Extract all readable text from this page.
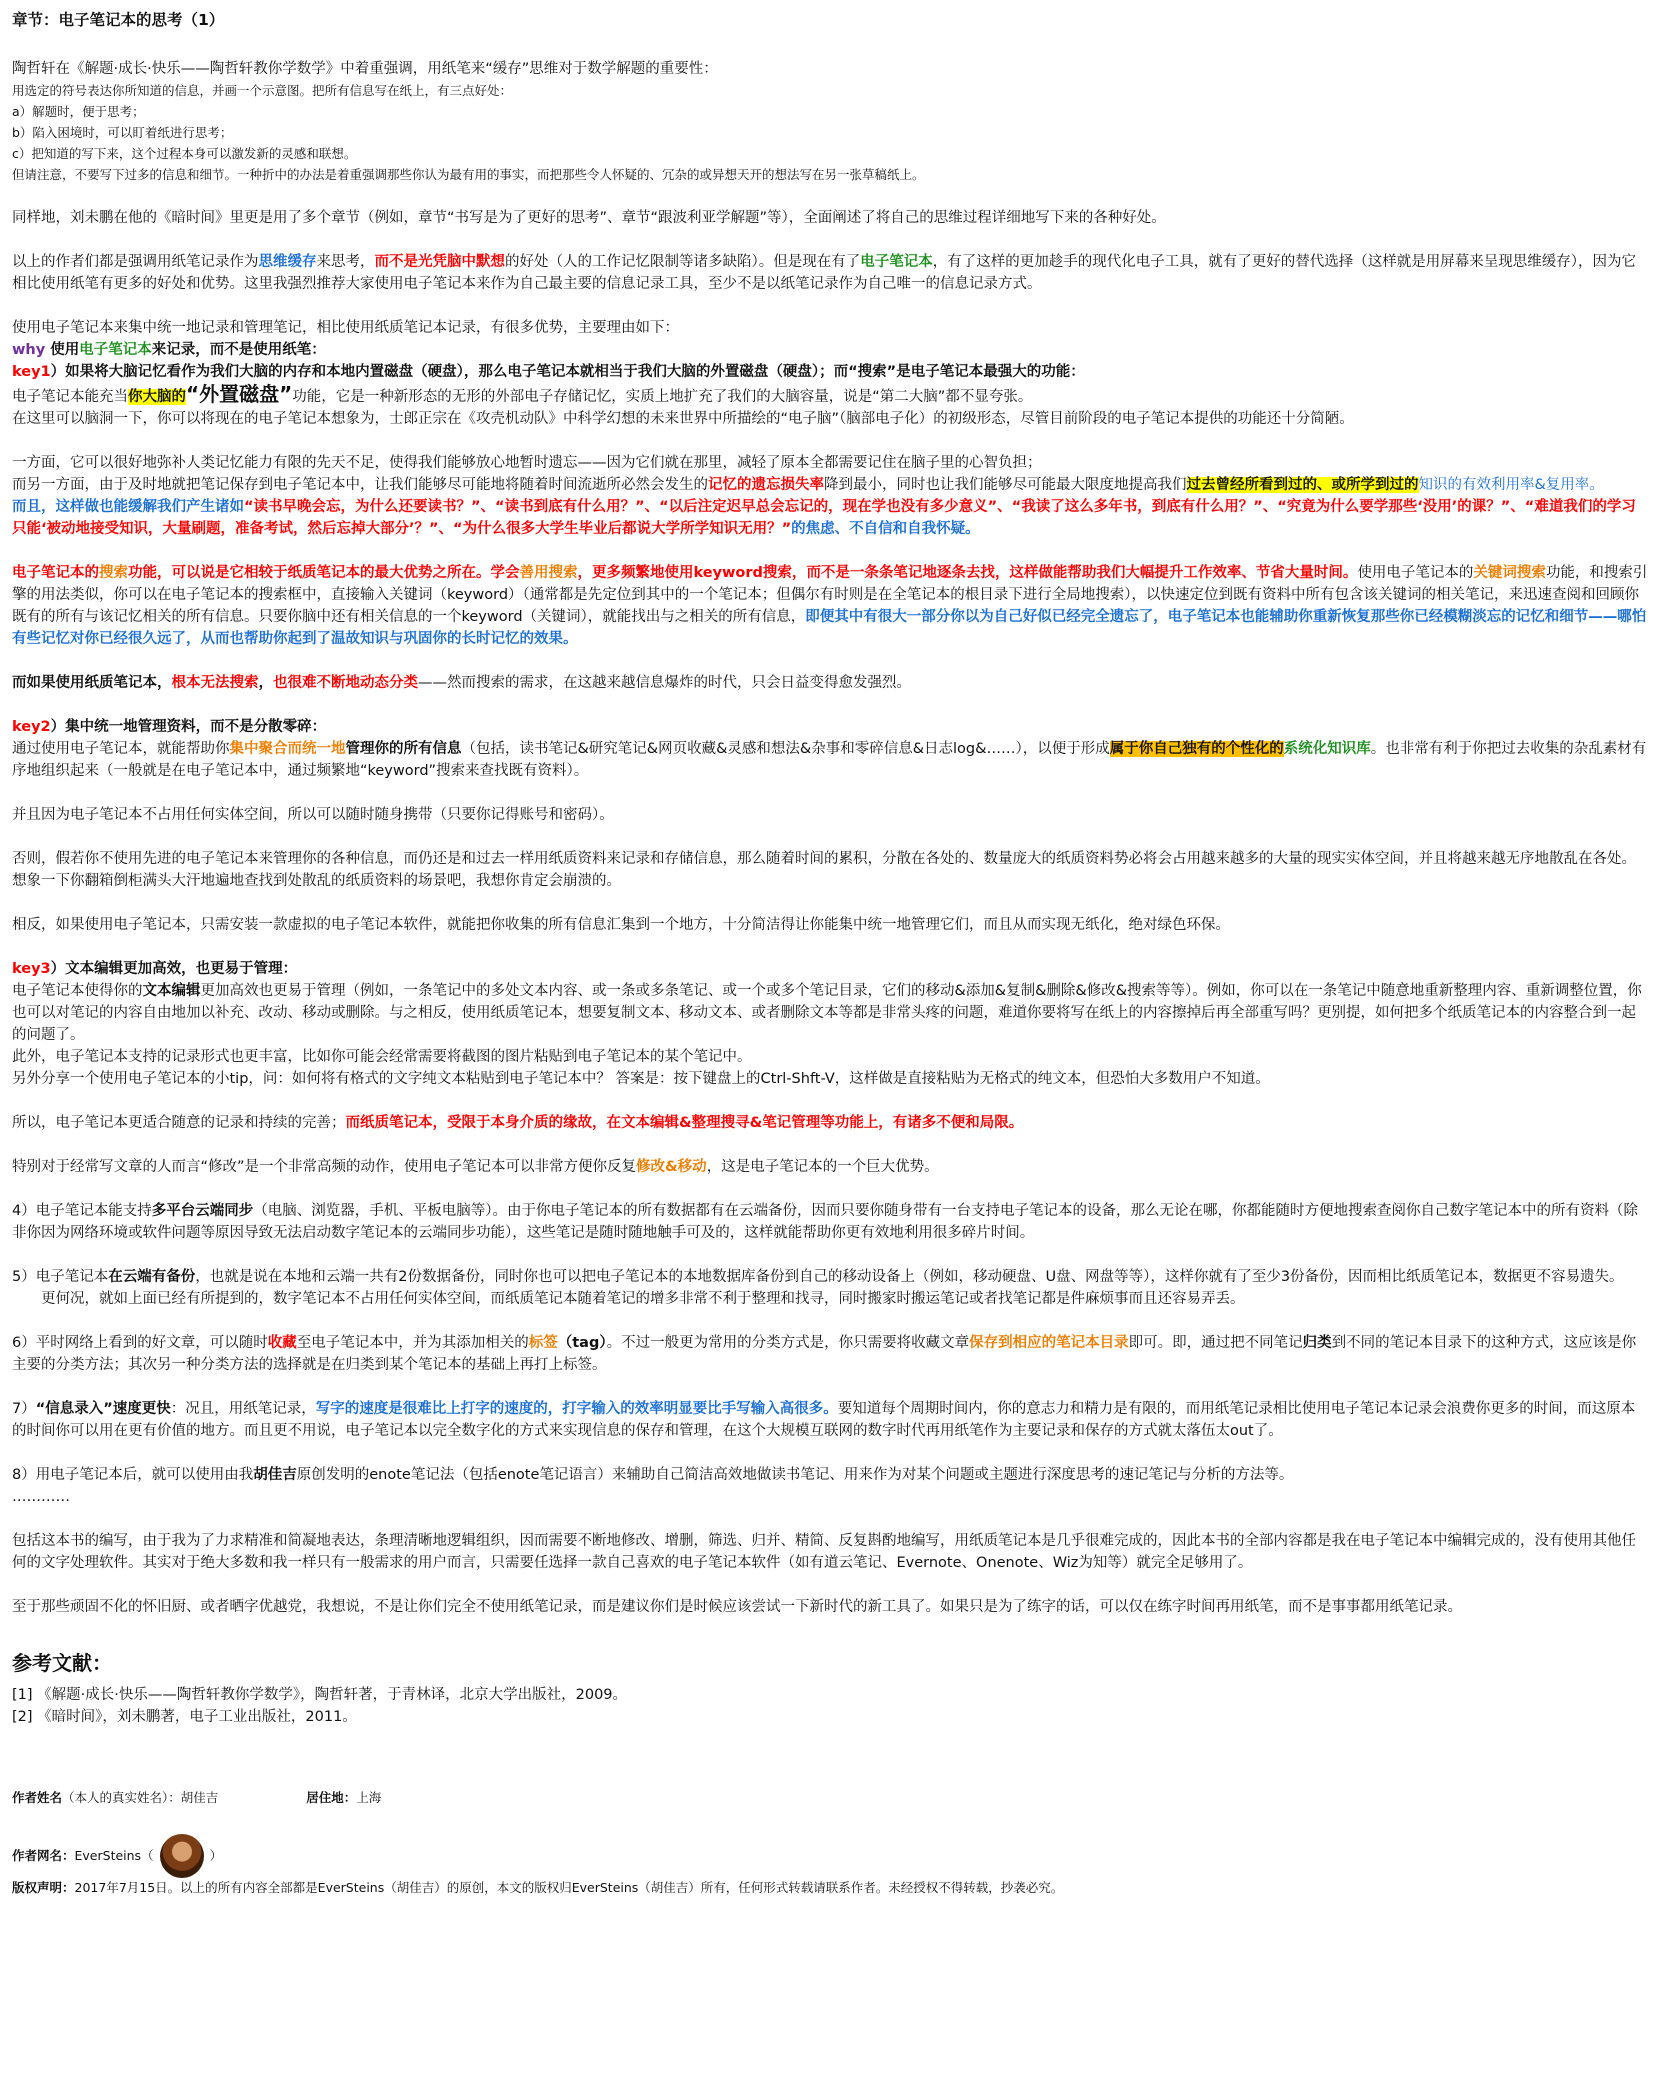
章节：电子笔记本的思考（1）

陶哲轩在《解题·成长·快乐——陶哲轩教你学数学》中着重强调，用纸笔来“缓存”思维对于数学解题的重要性：

用选定的符号表达你所知道的信息，并画一个示意图。把所有信息写在纸上，有三点好处：

a）解题时，便于思考；

b）陷入困境时，可以盯着纸进行思考；

c）把知道的写下来，这个过程本身可以激发新的灵感和联想。

但请注意，不要写下过多的信息和细节。一种折中的办法是着重强调那些你认为最有用的事实，而把那些令人怀疑的、冗杂的或异想天开的想法写在另一张草稿纸上。

同样地，刘未鹏在他的《暗时间》里更是用了多个章节（例如，章节“书写是为了更好的思考”、章节“跟波利亚学解题”等），全面阐述了将自己的思维过程详细地写下来的各种好处。

以上的作者们都是强调用纸笔记录作为思维缓存来思考，而不是光凭脑中默想的好处（人的工作记忆限制等诸多缺陷）。但是现在有了电子笔记本，有了这样的更加趁手的现代化电子工具，就有了更好的替代选择（这样就是用屏幕来呈现思维缓存），因为它相比使用纸笔有更多的好处和优势。这里我强烈推荐大家使用电子笔记本来作为自己最主要的信息记录工具，至少不是以纸笔记录作为自己唯一的信息记录方式。

使用电子笔记本来集中统一地记录和管理笔记，相比使用纸质笔记本记录，有很多优势，主要理由如下：

why 使用电子笔记本来记录，而不是使用纸笔：

key1）如果将大脑记忆看作为我们大脑的内存和本地内置磁盘（硬盘），那么电子笔记本就相当于我们大脑的外置磁盘（硬盘）；而“搜索”是电子笔记本最强大的功能：

电子笔记本能充当你大脑的“外置磁盘”功能，它是一种新形态的无形的外部电子存储记忆，实质上地扩充了我们的大脑容量，说是“第二大脑”都不显夸张。

在这里可以脑洞一下，你可以将现在的电子笔记本想象为，士郎正宗在《攻壳机动队》中科学幻想的未来世界中所描绘的“电子脑”（脑部电子化）的初级形态，尽管目前阶段的电子笔记本提供的功能还十分简陋。

一方面，它可以很好地弥补人类记忆能力有限的先天不足，使得我们能够放心地暂时遗忘——因为它们就在那里，减轻了原本全都需要记住在脑子里的心智负担；

而另一方面，由于及时地就把笔记保存到电子笔记本中，让我们能够尽可能地将随着时间流逝所必然会发生的记忆的遗忘损失率降到最小，同时也让我们能够尽可能最大限度地提高我们过去曾经所看到过的、或所学到过的知识的有效利用率&复用率。

而且，这样做也能缓解我们产生诸如“读书早晚会忘，为什么还要读书？”、“读书到底有什么用？”、“以后注定迟早总会忘记的，现在学也没有多少意义”、“我读了这么多年书，到底有什么用？”、“究竟为什么要学那些‘没用’的课？”、“难道我们的学习只能‘被动地接受知识，大量刷题，准备考试，然后忘掉大部分’？”、“为什么很多大学生毕业后都说大学所学知识无用？”的焦虑、不自信和自我怀疑。

电子笔记本的搜索功能，可以说是它相较于纸质笔记本的最大优势之所在。学会善用搜索，更多频繁地使用keyword搜索，而不是一条条笔记地逐条去找，这样做能帮助我们大幅提升工作效率、节省大量时间。使用电子笔记本的关键词搜索功能，和搜索引擎的用法类似，你可以在电子笔记本的搜索框中，直接输入关键词（keyword）（通常都是先定位到其中的一个笔记本；但偶尔有时则是在全笔记本的根目录下进行全局地搜索），以快速定位到既有资料中所有包含该关键词的相关笔记，来迅速查阅和回顾你既有的所有与该记忆相关的所有信息。只要你脑中还有相关信息的一个keyword（关键词），就能找出与之相关的所有信息，即便其中有很大一部分你以为自己好似已经完全遗忘了，电子笔记本也能辅助你重新恢复那些你已经模糊淡忘的记忆和细节——哪怕有些记忆对你已经很久远了，从而也帮助你起到了温故知识与巩固你的长时记忆的效果。

而如果使用纸质笔记本，根本无法搜索，也很难不断地动态分类——然而搜索的需求，在这越来越信息爆炸的时代，只会日益变得愈发强烈。

key2）集中统一地管理资料，而不是分散零碎：

通过使用电子笔记本，就能帮助你集中聚合而统一地管理你的所有信息（包括，读书笔记&研究笔记&网页收藏&灵感和想法&杂事和零碎信息&日志log&……），以便于形成属于你自己独有的个性化的系统化知识库。也非常有利于你把过去收集的杂乱素材有序地组织起来（一般就是在电子笔记本中，通过频繁地“keyword”搜索来查找既有资料）。

并且因为电子笔记本不占用任何实体空间，所以可以随时随身携带（只要你记得账号和密码）。

否则，假若你不使用先进的电子笔记本来管理你的各种信息，而仍还是和过去一样用纸质资料来记录和存储信息，那么随着时间的累积，分散在各处的、数量庞大的纸质资料势必将会占用越来越多的大量的现实实体空间，并且将越来越无序地散乱在各处。想象一下你翻箱倒柜满头大汗地遍地查找到处散乱的纸质资料的场景吧，我想你肯定会崩溃的。

相反，如果使用电子笔记本，只需安装一款虚拟的电子笔记本软件，就能把你收集的所有信息汇集到一个地方，十分简洁得让你能集中统一地管理它们，而且从而实现无纸化，绝对绿色环保。

key3）文本编辑更加高效，也更易于管理：

电子笔记本使得你的文本编辑更加高效也更易于管理（例如，一条笔记中的多处文本内容、或一条或多条笔记、或一个或多个笔记目录，它们的移动&添加&复制&删除&修改&搜索等等）。例如，你可以在一条笔记中随意地重新整理内容、重新调整位置，你也可以对笔记的内容自由地加以补充、改动、移动或删除。与之相反，使用纸质笔记本，想要复制文本、移动文本、或者删除文本等都是非常头疼的问题，难道你要将写在纸上的内容擦掉后再全部重写吗？更别提，如何把多个纸质笔记本的内容整合到一起的问题了。

此外，电子笔记本支持的记录形式也更丰富，比如你可能会经常需要将截图的图片粘贴到电子笔记本的某个笔记中。

另外分享一个使用电子笔记本的小tip，问：如何将有格式的文字纯文本粘贴到电子笔记本中？ 答案是：按下键盘上的Ctrl-Shft-V，这样做是直接粘贴为无格式的纯文本，但恐怕大多数用户不知道。

所以，电子笔记本更适合随意的记录和持续的完善；而纸质笔记本，受限于本身介质的缘故，在文本编辑&整理搜寻&笔记管理等功能上，有诸多不便和局限。

特别对于经常写文章的人而言“修改”是一个非常高频的动作，使用电子笔记本可以非常方便你反复修改&移动，这是电子笔记本的一个巨大优势。

4）电子笔记本能支持多平台云端同步（电脑、浏览器，手机、平板电脑等）。由于你电子笔记本的所有数据都有在云端备份，因而只要你随身带有一台支持电子笔记本的设备，那么无论在哪，你都能随时方便地搜索查阅你自己数字笔记本中的所有资料（除非你因为网络环境或软件问题等原因导致无法启动数字笔记本的云端同步功能），这些笔记是随时随地触手可及的，这样就能帮助你更有效地利用很多碎片时间。

5）电子笔记本在云端有备份，也就是说在本地和云端一共有2份数据备份，同时你也可以把电子笔记本的本地数据库备份到自己的移动设备上（例如，移动硬盘、U盘、网盘等等），这样你就有了至少3份备份，因而相比纸质笔记本，数据更不容易遗失。

更何况，就如上面已经有所提到的，数字笔记本不占用任何实体空间，而纸质笔记本随着笔记的增多非常不利于整理和找寻，同时搬家时搬运笔记或者找笔记都是件麻烦事而且还容易弄丢。

6）平时网络上看到的好文章，可以随时收藏至电子笔记本中，并为其添加相关的标签（tag）。不过一般更为常用的分类方式是，你只需要将收藏文章保存到相应的笔记本目录即可。即，通过把不同笔记归类到不同的笔记本目录下的这种方式，这应该是你主要的分类方法；其次另一种分类方法的选择就是在归类到某个笔记本的基础上再打上标签。

7）“信息录入”速度更快：况且，用纸笔记录，写字的速度是很难比上打字的速度的，打字输入的效率明显要比手写输入高很多。要知道每个周期时间内，你的意志力和精力是有限的，而用纸笔记录相比使用电子笔记本记录会浪费你更多的时间，而这原本的时间你可以用在更有价值的地方。而且更不用说，电子笔记本以完全数字化的方式来实现信息的保存和管理，在这个大规模互联网的数字时代再用纸笔作为主要记录和保存的方式就太落伍太out了。

8）用电子笔记本后，就可以使用由我胡佳吉原创发明的enote笔记法（包括enote笔记语言）来辅助自己简洁高效地做读书笔记、用来作为对某个问题或主题进行深度思考的速记笔记与分析的方法等。

…………

包括这本书的编写，由于我为了力求精准和简凝地表达，条理清晰地逻辑组织，因而需要不断地修改、增删，筛选、归并、精简、反复斟酌地编写，用纸质笔记本是几乎很难完成的，因此本书的全部内容都是我在电子笔记本中编辑完成的，没有使用其他任何的文字处理软件。其实对于绝大多数和我一样只有一般需求的用户而言，只需要任选择一款自己喜欢的电子笔记本软件（如有道云笔记、Evernote、Onenote、Wiz为知等）就完全足够用了。

至于那些顽固不化的怀旧厨、或者晒字优越党，我想说，不是让你们完全不使用纸笔记录，而是建议你们是时候应该尝试一下新时代的新工具了。如果只是为了练字的话，可以仅在练字时间再用纸笔，而不是事事都用纸笔记录。

参考文献：

[1] 《解题·成长·快乐——陶哲轩教你学数学》，陶哲轩著，于青林译，北京大学出版社，2009。

[2] 《暗时间》，刘未鹏著，电子工业出版社，2011。

作者姓名 （本人的真实姓名）：胡佳吉	居住地： 上海
作者网名： EverSteins（	）
版权声明：2017年7月15日。以上的所有内容全部都是EverSteins（胡佳吉）的原创，本文的版权归EverSteins（胡佳吉）所有，任何形式转载请联系作者。未经授权不得转载，抄袭必究。
